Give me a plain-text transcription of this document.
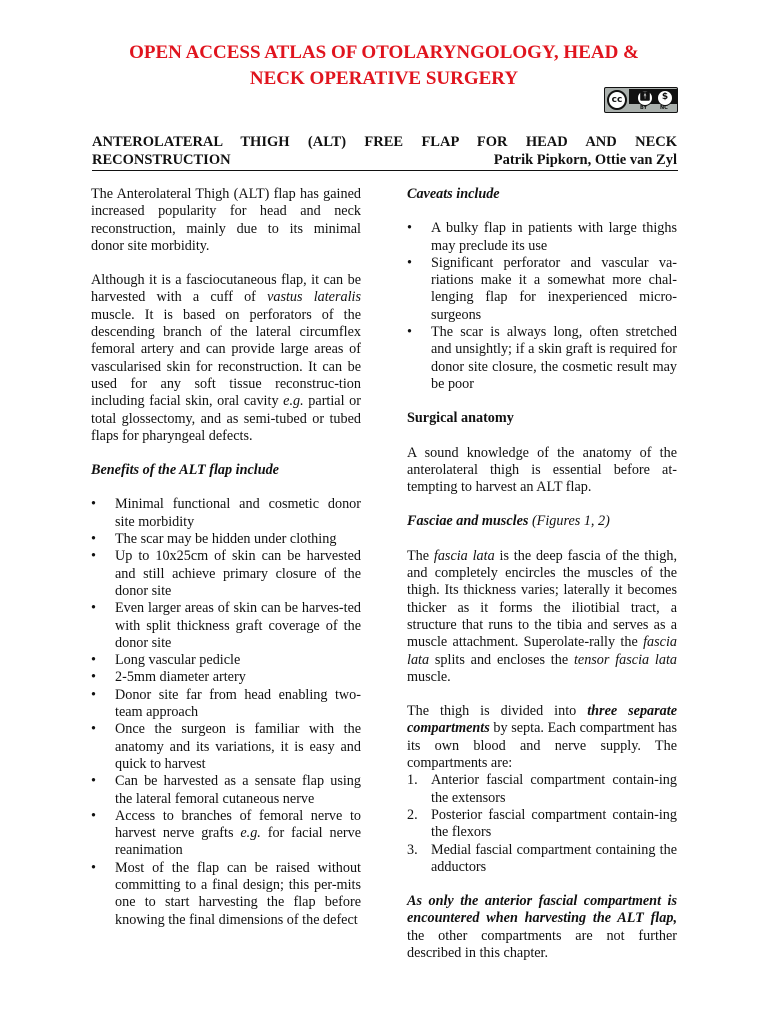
OPEN ACCESS ATLAS OF OTOLARYNGOLOGY, HEAD &
NECK OPERATIVE SURGERY
cc	🚹︎	$
BY	NC
ANTEROLATERAL THIGH (ALT) FREE FLAP FOR HEAD AND NECK
RECONSTRUCTION	Patrik Pipkorn, Ottie van Zyl

The Anterolateral Thigh (ALT) flap has gained increased popularity for head and neck reconstruction, mainly due to its minimal donor site morbidity.

Although it is a fasciocutaneous flap, it can be harvested with a cuff of vastus lateralis muscle. It is based on perforators of the descending branch of the lateral circumflex femoral artery and can provide large areas of vascularised skin for reconstruction. It can be used for any soft tissue reconstruc-tion including facial skin, oral cavity e.g. partial or total glossectomy, and as semi-tubed or tubed flaps for pharyngeal defects.

Benefits of the ALT flap include

• Minimal functional and cosmetic donor site morbidity
• The scar may be hidden under clothing
• Up to 10x25cm of skin can be harvested and still achieve primary closure of the donor site
• Even larger areas of skin can be harves-ted with split thickness graft coverage of the donor site
• Long vascular pedicle
• 2-5mm diameter artery
• Donor site far from head enabling two-team approach
• Once the surgeon is familiar with the anatomy and its variations, it is easy and quick to harvest
• Can be harvested as a sensate flap using the lateral femoral cutaneous nerve
• Access to branches of femoral nerve to harvest nerve grafts e.g. for facial nerve reanimation
• Most of the flap can be raised without committing to a final design; this per-mits one to start harvesting the flap before knowing the final dimensions of the defect

Caveats include

• A bulky flap in patients with large thighs may preclude its use
• Significant perforator and vascular va-riations make it a somewhat more chal-lenging flap for inexperienced micro-surgeons
• The scar is always long, often stretched and unsightly; if a skin graft is required for donor site closure, the cosmetic result may be poor

Surgical anatomy

A sound knowledge of the anatomy of the anterolateral thigh is essential before at-tempting to harvest an ALT flap.

Fasciae and muscles (Figures 1, 2)

The fascia lata is the deep fascia of the thigh, and completely encircles the muscles of the thigh. Its thickness varies; laterally it becomes thicker as it forms the iliotibial tract, a structure that runs to the tibia and serves as a muscle attachment. Superolate-rally the fascia lata splits and encloses the tensor fascia lata muscle.

The thigh is divided into three separate compartments by septa. Each compartment has its own blood and nerve supply. The compartments are:

1. Anterior fascial compartment contain-ing the extensors
2. Posterior fascial compartment contain-ing the flexors
3. Medial fascial compartment containing the adductors

As only the anterior fascial compartment is encountered when harvesting the ALT flap, the other compartments are not further described in this chapter.
